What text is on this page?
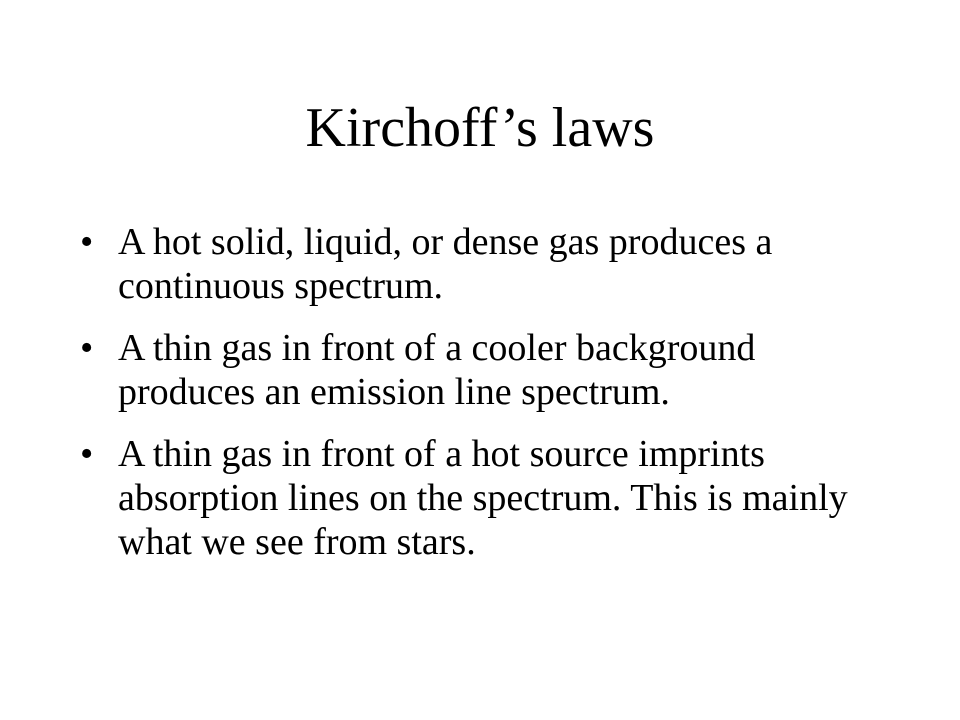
Kirchoff’s laws
• A hot solid, liquid, or dense gas produces a continuous spectrum.
• A thin gas in front of a cooler background produces an emission line spectrum.
• A thin gas in front of a hot source imprints absorption lines on the spectrum. This is mainly what we see from stars.
